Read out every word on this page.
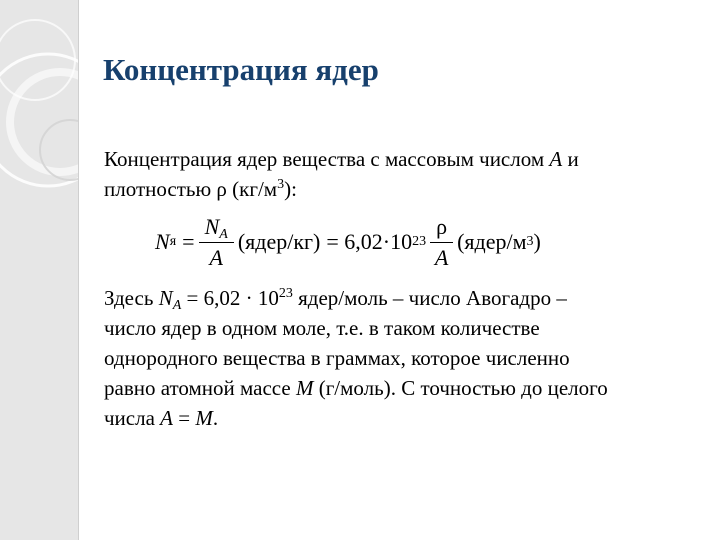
Концентрация ядер
Концентрация ядер вещества с массовым числом A и
плотностью ρ $(кг/м^3)$:
N $я = \frac{N_A}{A}$ (ядер/кг) = 6,02·10 $23 \frac{\rho}{A}$ (ядер/м 3 )
Здесь $N_A = 6,02 \cdot 10^{23}$ ядер/моль – число Авогадро –
число ядер в одном моле, т.е. в таком количестве
однородного вещества в граммах, которое численно
равно атомной массе M (г/моль). С точностью до целого
числа A = M.
